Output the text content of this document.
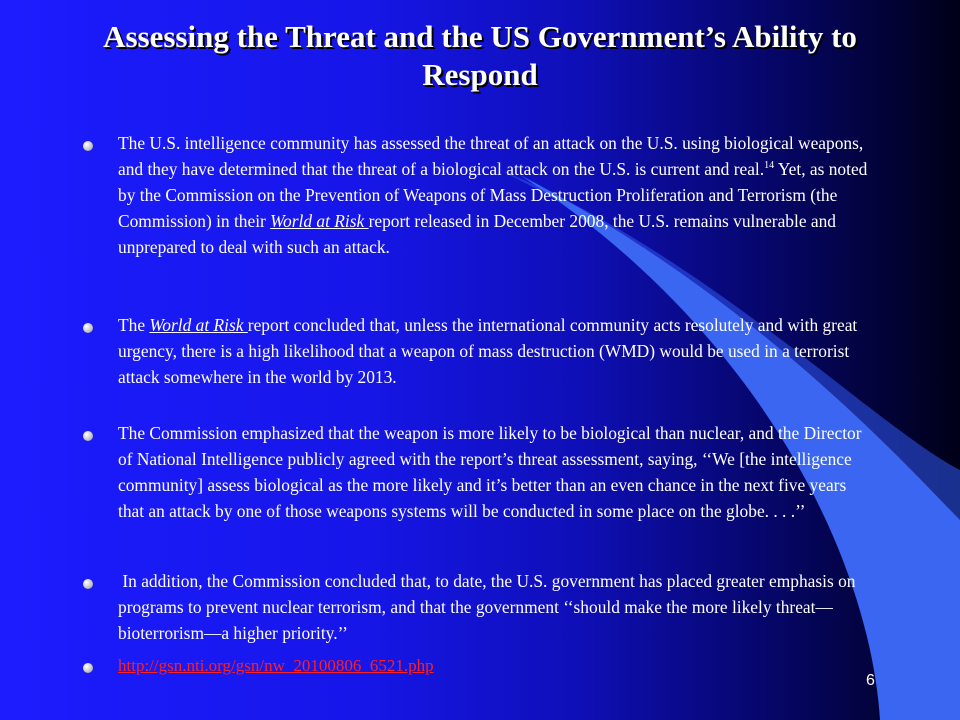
Assessing the Threat and the US Government’s Ability to Respond
The U.S. intelligence community has assessed the threat of an attack on the U.S. using biological weapons, and they have determined that the threat of a biological attack on the U.S. is current and real.$^{14}$ Yet, as noted by the Commission on the Prevention of Weapons of Mass Destruction Proliferation and Terrorism (the Commission) in their World at Risk report released in December 2008, the U.S. remains vulnerable and unprepared to deal with such an attack.
The World at Risk report concluded that, unless the international community acts resolutely and with great urgency, there is a high likelihood that a weapon of mass destruction (WMD) would be used in a terrorist attack somewhere in the world by 2013.
The Commission emphasized that the weapon is more likely to be biological than nuclear, and the Director of National Intelligence publicly agreed with the report’s threat assessment, saying, ‘‘We [the intelligence community] assess biological as the more likely and it’s better than an even chance in the next five years that an attack by one of those weapons systems will be conducted in some place on the globe. . . .’’
In addition, the Commission concluded that, to date, the U.S. government has placed greater emphasis on programs to prevent nuclear terrorism, and that the government ‘‘should make the more likely threat— bioterrorism—a higher priority.’’
http://gsn.nti.org/gsn/nw_20100806_6521.php
6
